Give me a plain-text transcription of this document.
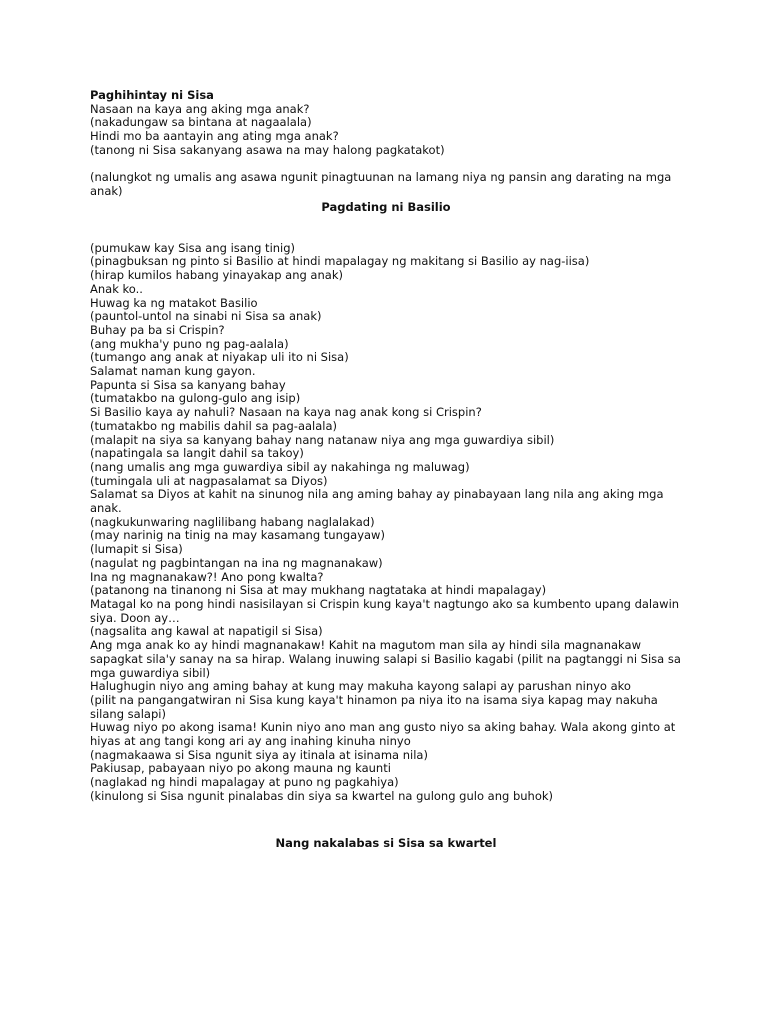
Paghihintay ni Sisa
Nasaan na kaya ang aking mga anak?
(nakadungaw sa bintana at nagaalala)
Hindi mo ba aantayin ang ating mga anak?
(tanong ni Sisa sakanyang asawa na may halong pagkatakot)
(nalungkot ng umalis ang asawa ngunit pinagtuunan na lamang niya ng pansin ang darating na mga anak)
Pagdating ni Basilio
(pumukaw kay Sisa ang isang tinig)
(pinagbuksan ng pinto si Basilio at hindi mapalagay ng makitang si Basilio ay nag-iisa)
(hirap kumilos habang yinayakap ang anak)
Anak ko..
Huwag ka ng matakot Basilio
(pauntol-untol na sinabi ni Sisa sa anak)
Buhay pa ba si Crispin?
(ang mukha'y puno ng pag-aalala)
(tumango ang anak at niyakap uli ito ni Sisa)
Salamat naman kung gayon.
Papunta si Sisa sa kanyang bahay
(tumatakbo na gulong-gulo ang isip)
Si Basilio kaya ay nahuli? Nasaan na kaya nag anak kong si Crispin?
(tumatakbo ng mabilis dahil sa pag-aalala)
(malapit na siya sa kanyang bahay nang natanaw niya ang mga guwardiya sibil)
(napatingala sa langit dahil sa takoy)
(nang umalis ang mga guwardiya sibil ay nakahinga ng maluwag)
(tumingala uli at nagpasalamat sa Diyos)
Salamat sa Diyos at kahit na sinunog nila ang aming bahay ay pinabayaan lang nila ang aking mga anak.
(nagkukunwaring naglilibang habang naglalakad)
(may narinig na tinig na may kasamang tungayaw)
(lumapit si Sisa)
(nagulat ng pagbintangan na ina ng magnanakaw)
Ina ng magnanakaw?! Ano pong kwalta?
(patanong na tinanong ni Sisa at may mukhang nagtataka at hindi mapalagay)
Matagal ko na pong hindi nasisilayan si Crispin kung kaya't nagtungo ako sa kumbento upang dalawin siya. Doon ay…
(nagsalita ang kawal at napatigil si Sisa)
Ang mga anak ko ay hindi magnanakaw! Kahit na magutom man sila ay hindi sila magnanakaw sapagkat sila'y sanay na sa hirap. Walang inuwing salapi si Basilio kagabi (pilit na pagtanggi ni Sisa sa mga guwardiya sibil)
Halughugin niyo ang aming bahay at kung may makuha kayong salapi ay parushan ninyo ako
(pilit na pangangatwiran ni Sisa kung kaya't hinamon pa niya ito na isama siya kapag may nakuha silang salapi)
Huwag niyo po akong isama! Kunin niyo ano man ang gusto niyo sa aking bahay. Wala akong ginto at hiyas at ang tangi kong ari ay ang inahing kinuha ninyo
(nagmakaawa si Sisa ngunit siya ay itinala at isinama nila)
Pakiusap, pabayaan niyo po akong mauna ng kaunti
(naglakad ng hindi mapalagay at puno ng pagkahiya)
(kinulong si Sisa ngunit pinalabas din siya sa kwartel na gulong gulo ang buhok)
Nang nakalabas si Sisa sa kwartel
